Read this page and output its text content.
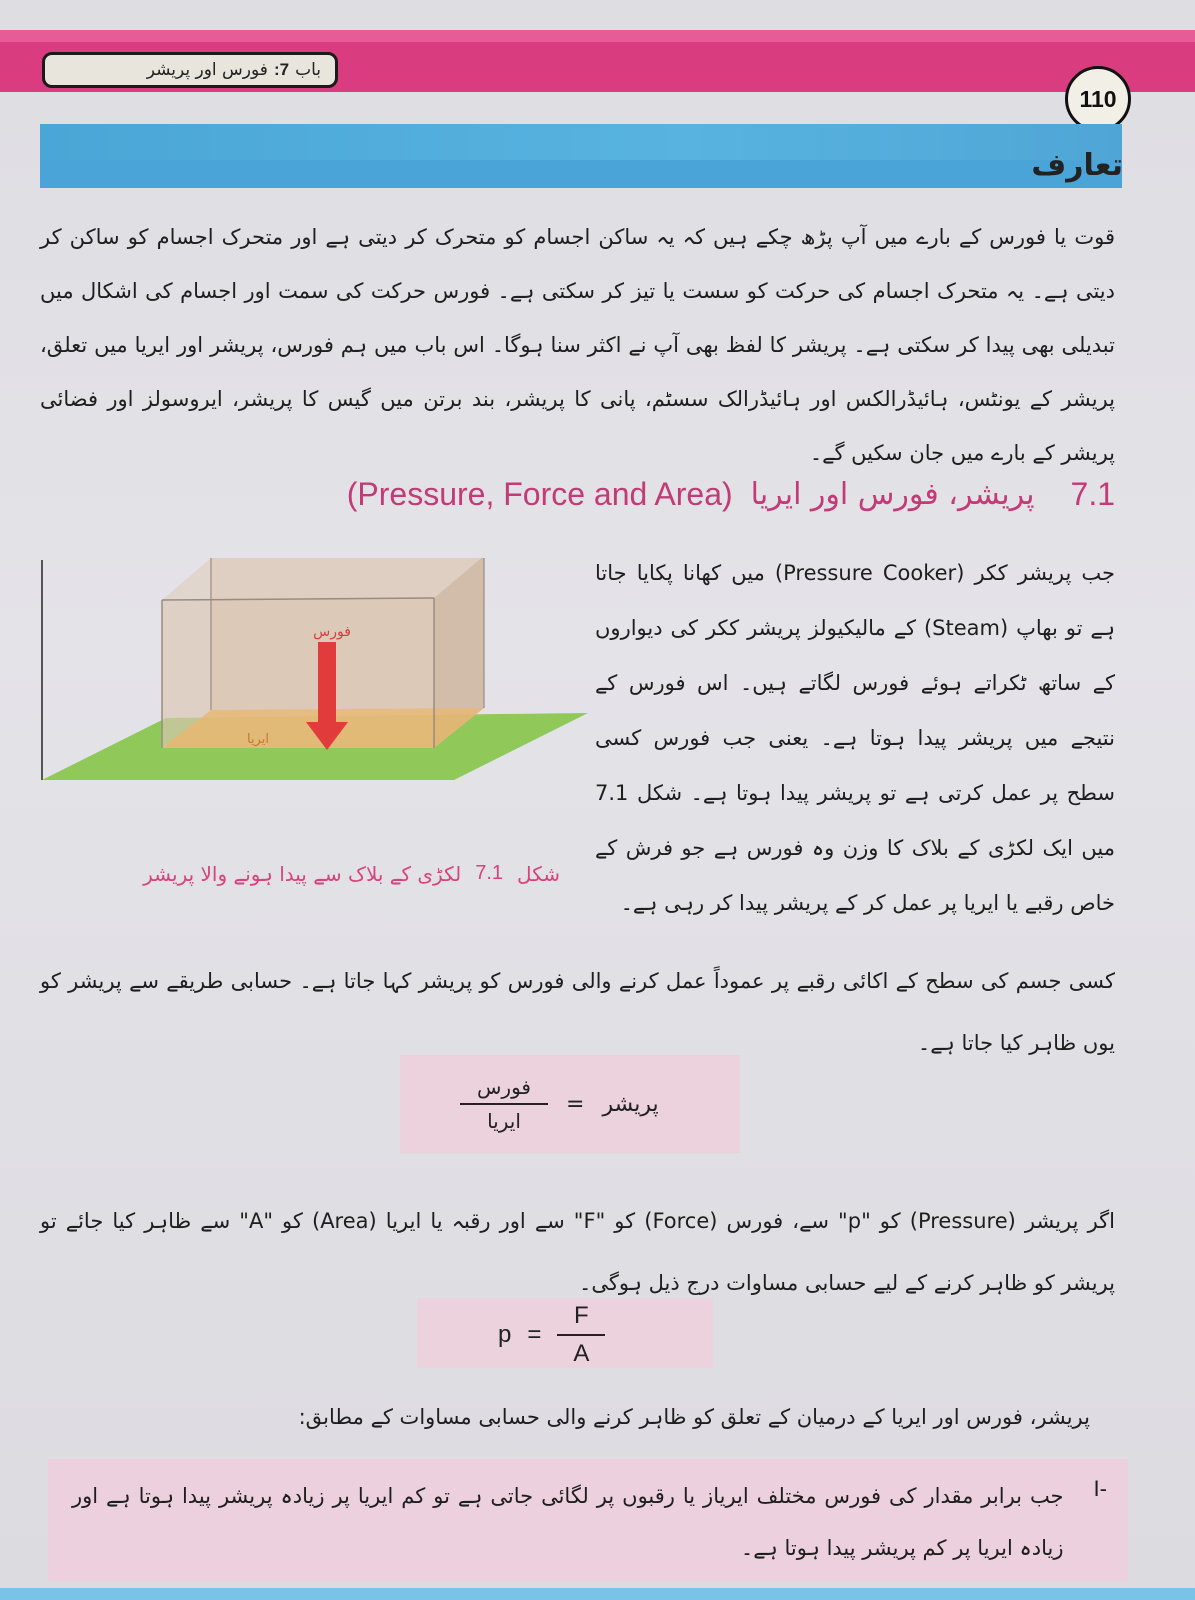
باب
7:
فورس اور پریشر
110
تعارف
قوت یا فورس کے بارے میں آپ پڑھ چکے ہیں کہ یہ ساکن اجسام کو متحرک کر دیتی ہے اور متحرک اجسام کو ساکن کر دیتی ہے۔ یہ متحرک اجسام کی حرکت کو سست یا تیز کر سکتی ہے۔ فورس حرکت کی سمت اور اجسام کی اشکال میں تبدیلی بھی پیدا کر سکتی ہے۔ پریشر کا لفظ بھی آپ نے اکثر سنا ہوگا۔ اس باب میں ہم فورس، پریشر اور ایریا میں تعلق، پریشر کے یونٹس، ہائیڈرالکس اور ہائیڈرالک سسٹم، پانی کا پریشر، بند برتن میں گیس کا پریشر، ایروسولز اور فضائی پریشر کے بارے میں جان سکیں گے۔
7.1
پریشر، فورس اور ایریا
(Pressure, Force and Area)
فورس
ایریا
شکل
7.1
لکڑی کے بلاک سے پیدا ہونے والا پریشر
جب پریشر ککر (Pressure Cooker) میں کھانا پکایا جاتا ہے تو بھاپ (Steam) کے مالیکیولز پریشر ککر کی دیواروں کے ساتھ ٹکراتے ہوئے فورس لگاتے ہیں۔ اس فورس کے نتیجے میں پریشر پیدا ہوتا ہے۔ یعنی جب فورس کسی سطح پر عمل کرتی ہے تو پریشر پیدا ہوتا ہے۔ شکل 7.1 میں ایک لکڑی کے بلاک کا وزن وہ فورس ہے جو فرش کے خاص رقبے یا ایریا پر عمل کر کے پریشر پیدا کر رہی ہے۔
کسی جسم کی سطح کے اکائی رقبے پر عموداً عمل کرنے والی فورس کو پریشر کہا جاتا ہے۔ حسابی طریقے سے پریشر کو یوں ظاہر کیا جاتا ہے۔
$\frac{\text{فورس}}{\text{ایریا}}$ = پریشر
اگر پریشر (Pressure) کو "p" سے، فورس (Force) کو "F" سے اور رقبہ یا ایریا (Area) کو "A" سے ظاہر کیا جائے تو پریشر کو ظاہر کرنے کے لیے حسابی مساوات درج ذیل ہوگی۔
$p = \frac{F}{A}$
پریشر، فورس اور ایریا کے درمیان کے تعلق کو ظاہر کرنے والی حسابی مساوات کے مطابق:
I-
جب برابر مقدار کی فورس مختلف ایریاز یا رقبوں پر لگائی جاتی ہے تو کم ایریا پر زیادہ پریشر پیدا ہوتا ہے اور زیادہ ایریا پر کم پریشر پیدا ہوتا ہے۔
